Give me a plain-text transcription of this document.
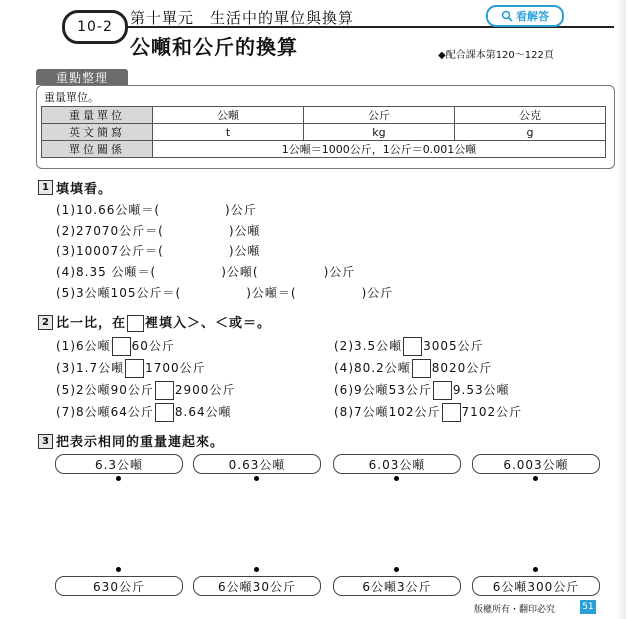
10-2	第十單元　生活中的單位與換算
公噸和公斤的換算
看解答
◆配合課本第120～122頁
重點整理
重量單位。
重量單位	公噸	公斤	公克
英文簡寫	t	kg	g
單位關係	1公噸＝1000公斤，1公斤＝0.001公噸		
1 填填看。
(1)10.66公噸＝(　　　　　)公斤
(2)27070公斤＝(　　　　　)公噸
(3)10007公斤＝(　　　　　)公噸
(4)8.35 公噸＝(　　　　　)公噸(　　　　　)公斤
(5)3公噸105公斤＝(　　　　　)公噸＝(　　　　　)公斤
2 比一比，在 裡填入＞、＜或＝。
(1)6公噸 60公斤	(2)3.5公噸 3005公斤
(3)1.7公噸 1700公斤	(4)80.2公噸 8020公斤
(5)2公噸90公斤 2900公斤	(6)9公噸53公斤 9.53公噸
(7)8公噸64公斤 8.64公噸	(8)7公噸102公斤 7102公斤
3 把表示相同的重量連起來。
6.3公噸	0.63公噸	6.03公噸	6.003公噸
630公斤	6公噸30公斤	6公噸3公斤	6公噸300公斤
版權所有・翻印必究	51
